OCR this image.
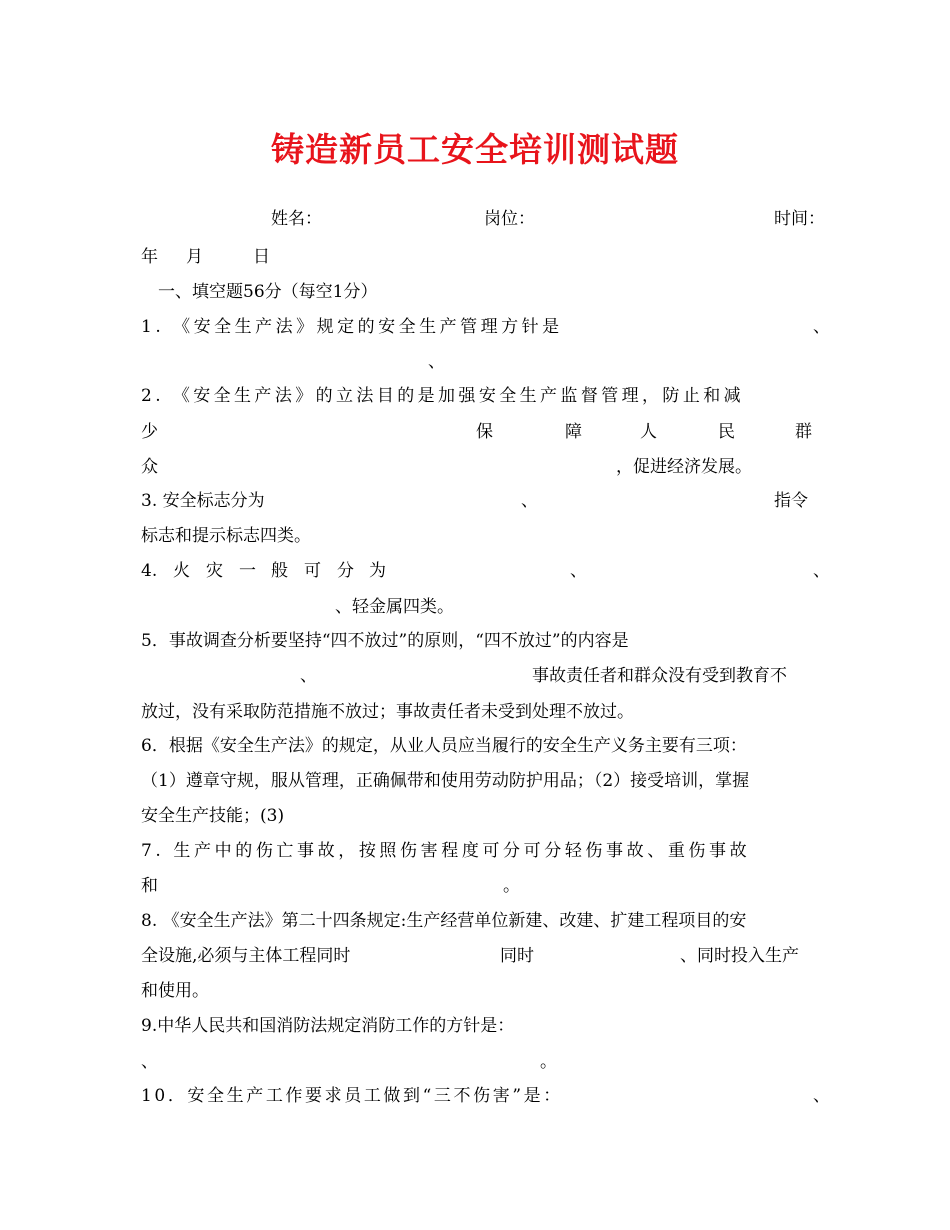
铸造新员工安全培训测试题
姓名：	岗位：	时间：
年 月	日
一、填空题56分（每空1分）
1. 《安全生产法》规定的安全生产管理方针是	、
、
2. 《安全生产法》的立法目的是加强安全生产监督管理，防止和减
少	保	障	人	民	群
众	，促进经济发展。
3. 安全标志分为	、	指令
标志和提示标志四类。
4. 火 灾 一 般 可 分 为	、	、
、轻金属四类。
5．事故调查分析要坚持“四不放过”的原则，“四不放过”的内容是
、	事故责任者和群众没有受到教育不
放过，没有采取防范措施不放过；事故责任者未受到处理不放过。
6．根据《安全生产法》的规定，从业人员应当履行的安全生产义务主要有三项：
（1）遵章守规，服从管理，正确佩带和使用劳动防护用品；（2）接受培训，掌握
安全生产技能；(3)
7. 生产中的伤亡事故，按照伤害程度可分可分轻伤事故、重伤事故
和	。
8. 《安全生产法》第二十四条规定:生产经营单位新建、改建、扩建工程项目的安
全设施,必须与主体工程同时	同时	、同时投入生产
和使用。
9.中华人民共和国消防法规定消防工作的方针是：
、	。
10．安全生产工作要求员工做到“三不伤害”是：	、
